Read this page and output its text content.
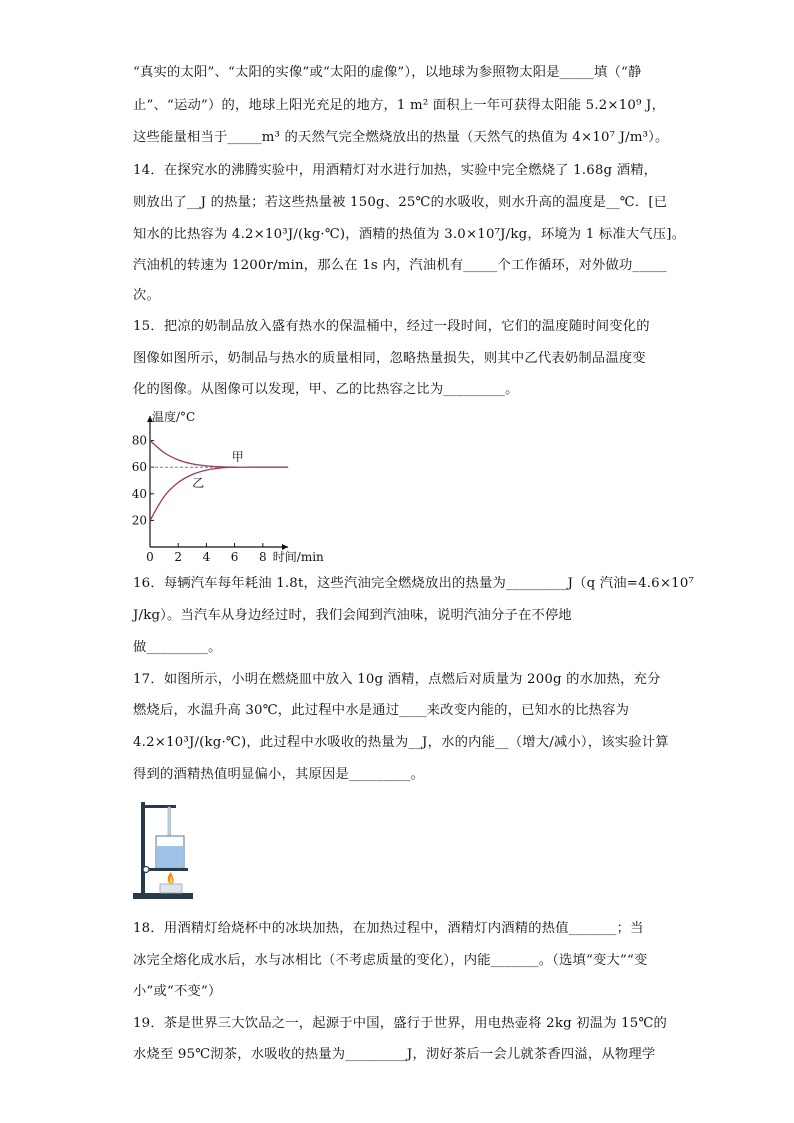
“真实的太阳”、“太阳的实像”或“太阳的虚像”），以地球为参照物太阳是_____填（“静
止”、“运动”）的，地球上阳光充足的地方，1 m² 面积上一年可获得太阳能 5.2×10⁹ J，
这些能量相当于_____m³ 的天然气完全燃烧放出的热量（天然气的热值为 4×10⁷ J/m³）。
14．在探究水的沸腾实验中，用酒精灯对水进行加热，实验中完全燃烧了 1.68g 酒精，
则放出了__J 的热量；若这些热量被 150g、25℃的水吸收，则水升高的温度是__℃．[已
知水的比热容为 4.2×10³J/(kg·℃)，酒精的热值为 3.0×10⁷J/kg，环境为 1 标准大气压]。
汽油机的转速为 1200r/min，那么在 1s 内，汽油机有_____个工作循环，对外做功_____
次。
15．把凉的奶制品放入盛有热水的保温桶中，经过一段时间，它们的温度随时间变化的
图像如图所示，奶制品与热水的质量相同，忽略热量损失，则其中乙代表奶制品温度变
化的图像。从图像可以发现，甲、乙的比热容之比为_________。
20
40
60
80
0 2 4 6 8
温度/°C
时间/min
甲
乙
16．每辆汽车每年耗油 1.8t，这些汽油完全燃烧放出的热量为_________J（q 汽油=4.6×10⁷
J/kg）。当汽车从身边经过时，我们会闻到汽油味，说明汽油分子在不停地
做_________。
17．如图所示，小明在燃烧皿中放入 10g 酒精，点燃后对质量为 200g 的水加热，充分
燃烧后，水温升高 30℃，此过程中水是通过____来改变内能的，已知水的比热容为
4.2×10³J/(kg·℃)，此过程中水吸收的热量为__J，水的内能__（增大/减小），该实验计算
得到的酒精热值明显偏小，其原因是_________。
18．用酒精灯给烧杯中的冰块加热，在加热过程中，酒精灯内酒精的热值_______；当
冰完全熔化成水后，水与冰相比（不考虑质量的变化），内能_______。（选填“变大”“变
小”或“不变”）
19．茶是世界三大饮品之一，起源于中国，盛行于世界，用电热壶将 2kg 初温为 15℃的
水烧至 95℃沏茶，水吸收的热量为_________J，沏好茶后一会儿就茶香四溢，从物理学
